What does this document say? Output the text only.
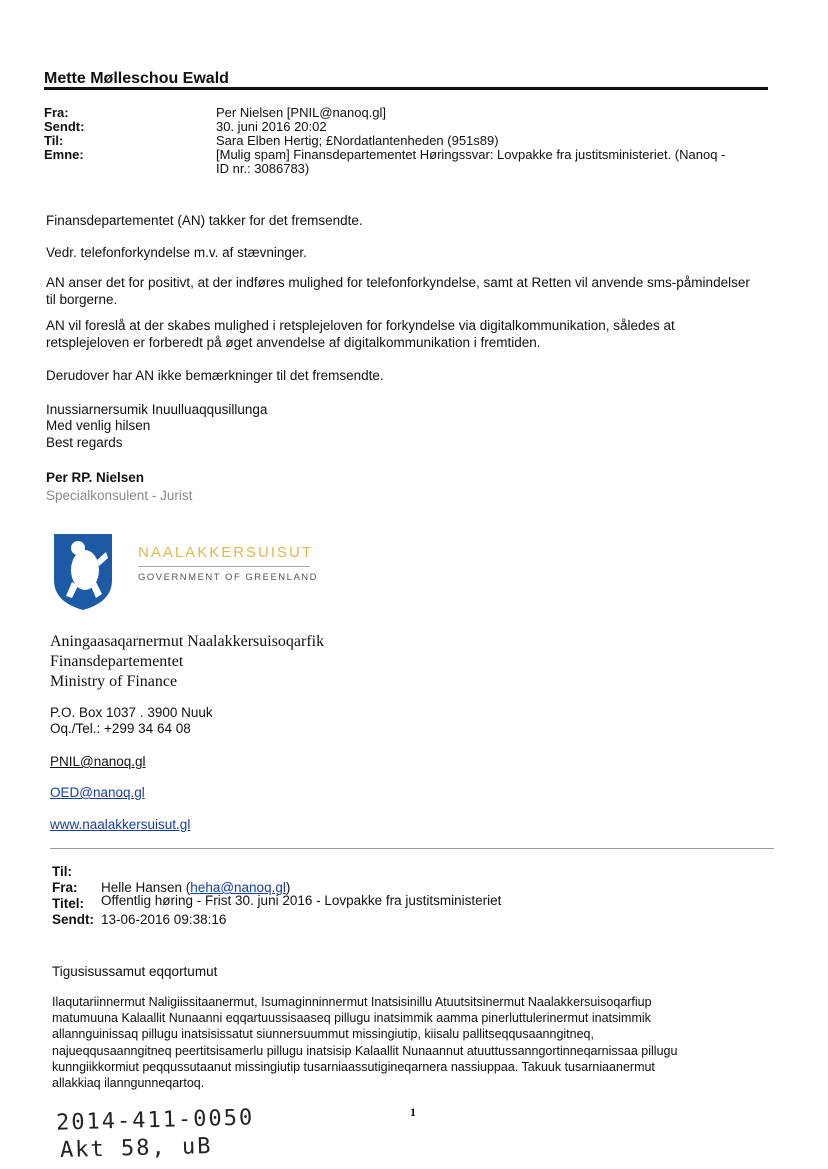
Mette Mølleschou Ewald
Fra:	Per Nielsen [PNIL@nanoq.gl]
Sendt:	30. juni 2016 20:02
Til:	Sara Elben Hertig; £Nordatlantenheden (951s89)
Emne:	[Mulig spam] Finansdepartementet Høringssvar: Lovpakke fra justitsministeriet. (Nanoq -
ID nr.: 3086783)
Finansdepartementet (AN) takker for det fremsendte.
Vedr. telefonforkyndelse m.v. af stævninger.
AN anser det for positivt, at der indføres mulighed for telefonforkyndelse, samt at Retten vil anvende sms-påmindelser
til borgerne.
AN vil foreslå at der skabes mulighed i retsplejeloven for forkyndelse via digitalkommunikation, således at
retsplejeloven er forberedt på øget anvendelse af digitalkommunikation i fremtiden.
Derudover har AN ikke bemærkninger til det fremsendte.
Inussiarnersumik Inuulluaqqusillunga
Med venlig hilsen
Best regards
Per RP. Nielsen
Specialkonsulent - Jurist
NAALAKKERSUISUT
GOVERNMENT OF GREENLAND
Aningaasaqarnermut Naalakkersuisoqarfik
Finansdepartementet
Ministry of Finance
P.O. Box 1037 . 3900 Nuuk
Oq./Tel.: +299 34 64 08
PNIL@nanoq.gl
OED@nanoq.gl
www.naalakkersuisut.gl
Til:
Fra: Helle Hansen (heha@nanoq.gl)
Titel: Offentlig høring - Frist 30. juni 2016 - Lovpakke fra justitsministeriet
Sendt: 13-06-2016 09:38:16
Tigusisussamut eqqortumut
Ilaqutariinnermut Naligiissitaanermut, Isumaginninnermut Inatsisinillu Atuutsitsinermut Naalakkersuisoqarfiup
matumuuna Kalaallit Nunaanni eqqartuussisaaseq pillugu inatsimmik aamma pinerluttulerinermut inatsimmik
allannguinissaq pillugu inatsisissatut siunnersuummut missingiutip, kiisalu pallitseqqusaanngitneq,
najueqqusaanngitneq peertitsisamerlu pillugu inatsisip Kalaallit Nunaannut atuuttussanngortinneqarnissaa pillugu
kunngiikkormiut peqqussutaanut missingiutip tusarniaassutigineqarnera nassiuppaa. Takuuk tusarniaanermut
allakkiaq ilanngunneqartoq.
1
2014-411-0050
Akt 58, uB
